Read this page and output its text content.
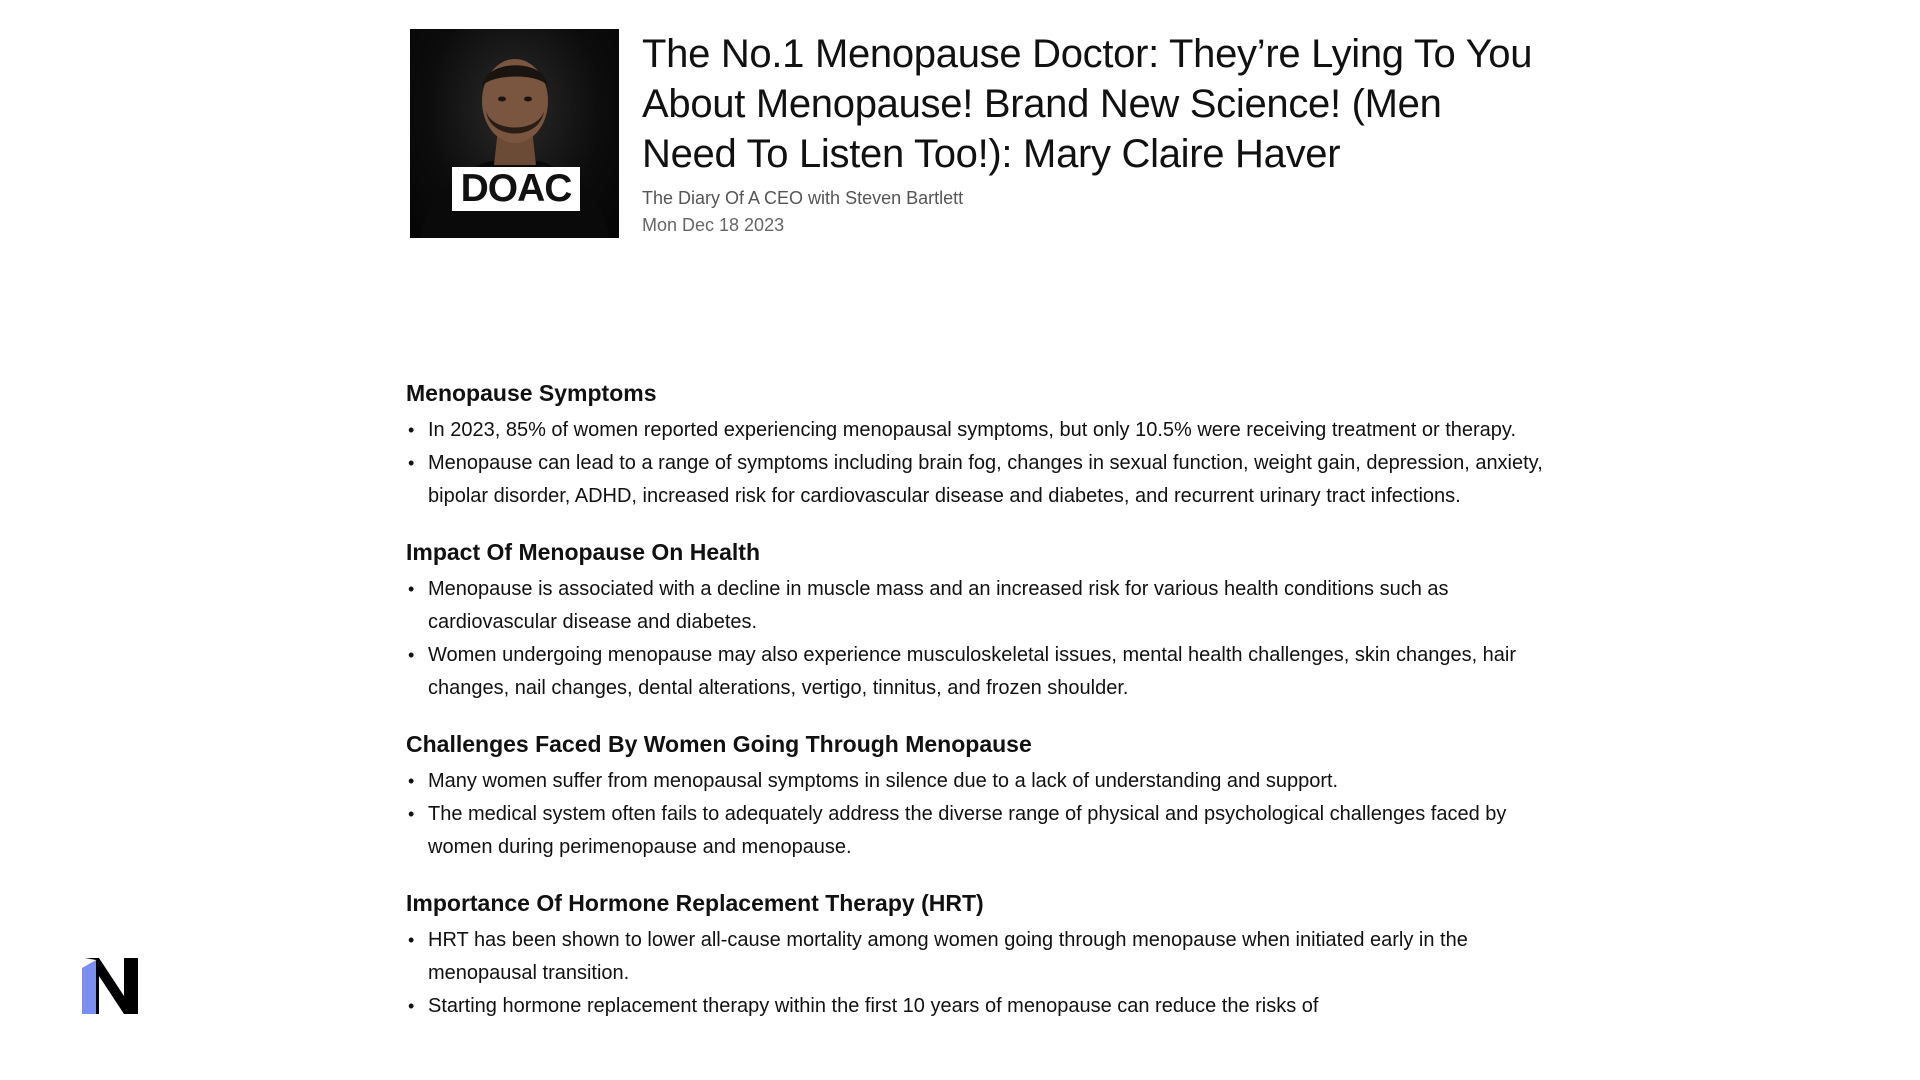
DOAC
The No.1 Menopause Doctor: They’re Lying To You About Menopause! Brand New Science! (Men Need To Listen Too!): Mary Claire Haver
The Diary Of A CEO with Steven Bartlett
Mon Dec 18 2023
Menopause Symptoms
• In 2023, 85% of women reported experiencing menopausal symptoms, but only 10.5% were receiving treatment or therapy.
• Menopause can lead to a range of symptoms including brain fog, changes in sexual function, weight gain, depression, anxiety, bipolar disorder, ADHD, increased risk for cardiovascular disease and diabetes, and recurrent urinary tract infections.
Impact Of Menopause On Health
• Menopause is associated with a decline in muscle mass and an increased risk for various health conditions such as cardiovascular disease and diabetes.
• Women undergoing menopause may also experience musculoskeletal issues, mental health challenges, skin changes, hair changes, nail changes, dental alterations, vertigo, tinnitus, and frozen shoulder.
Challenges Faced By Women Going Through Menopause
• Many women suffer from menopausal symptoms in silence due to a lack of understanding and support.
• The medical system often fails to adequately address the diverse range of physical and psychological challenges faced by women during perimenopause and menopause.
Importance Of Hormone Replacement Therapy (HRT)
• HRT has been shown to lower all-cause mortality among women going through menopause when initiated early in the menopausal transition.
• Starting hormone replacement therapy within the first 10 years of menopause can reduce the risks of
